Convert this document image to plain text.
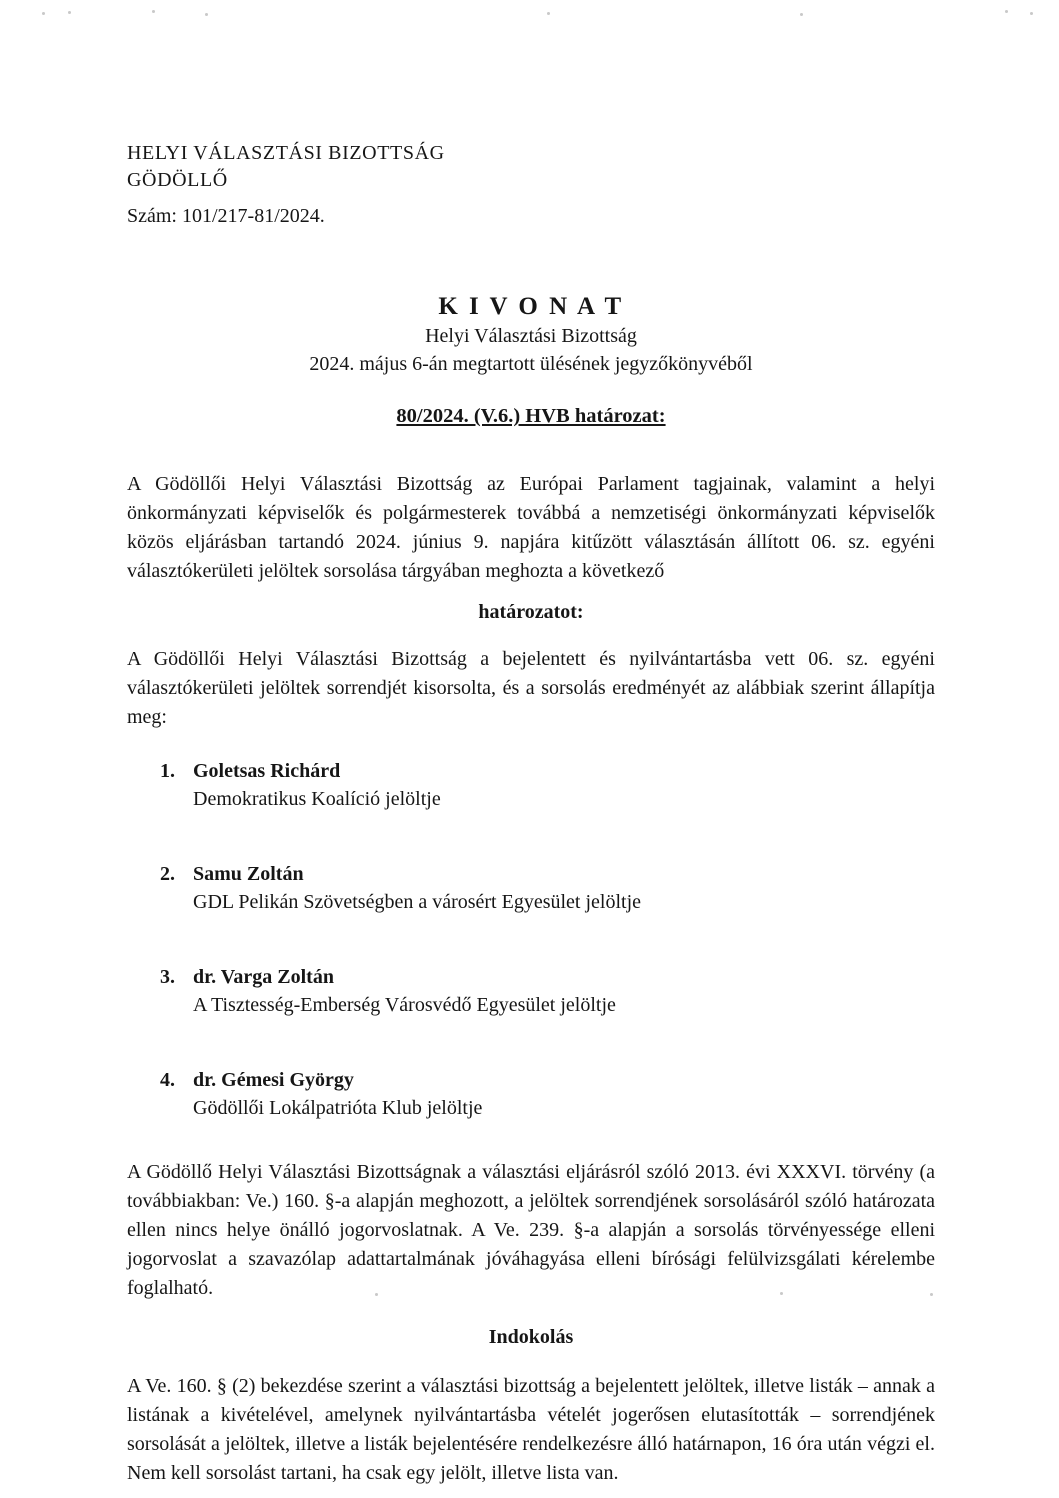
HELYI VÁLASZTÁSI BIZOTTSÁG
GÖDÖLLŐ
Szám: 101/217-81/2024.
K I V O N A T
Helyi Választási Bizottság
2024. május 6-án megtartott ülésének jegyzőkönyvéből
80/2024. (V.6.) HVB határozat:

A Gödöllői Helyi Választási Bizottság az Európai Parlament tagjainak, valamint a helyi önkormányzati képviselők és polgármesterek továbbá a nemzetiségi önkormányzati képviselők közös eljárásban tartandó 2024. június 9. napjára kitűzött választásán állított 06. sz. egyéni választókerületi jelöltek sorsolása tárgyában meghozta a következő

határozatot:

A Gödöllői Helyi Választási Bizottság a bejelentett és nyilvántartásba vett 06. sz. egyéni választókerületi jelöltek sorrendjét kisorsolta, és a sorsolás eredményét az alábbiak szerint állapítja meg:

1. Goletsas Richárd
Demokratikus Koalíció jelöltje
2. Samu Zoltán
GDL Pelikán Szövetségben a városért Egyesület jelöltje
3. dr. Varga Zoltán
A Tisztesség-Emberség Városvédő Egyesület jelöltje
4. dr. Gémesi György
Gödöllői Lokálpatrióta Klub jelöltje

A Gödöllő Helyi Választási Bizottságnak a választási eljárásról szóló 2013. évi XXXVI. törvény (a továbbiakban: Ve.) 160. §-a alapján meghozott, a jelöltek sorrendjének sorsolásáról szóló határozata ellen nincs helye önálló jogorvoslatnak. A Ve. 239. §-a alapján a sorsolás törvényessége elleni jogorvoslat a szavazólap adattartalmának jóváhagyása elleni bírósági felülvizsgálati kérelembe foglalható.

Indokolás

A Ve. 160. § (2) bekezdése szerint a választási bizottság a bejelentett jelöltek, illetve listák – annak a listának a kivételével, amelynek nyilvántartásba vételét jogerősen elutasították – sorrendjének sorsolását a jelöltek, illetve a listák bejelentésére rendelkezésre álló határnapon, 16 óra után végzi el. Nem kell sorsolást tartani, ha csak egy jelölt, illetve lista van.
